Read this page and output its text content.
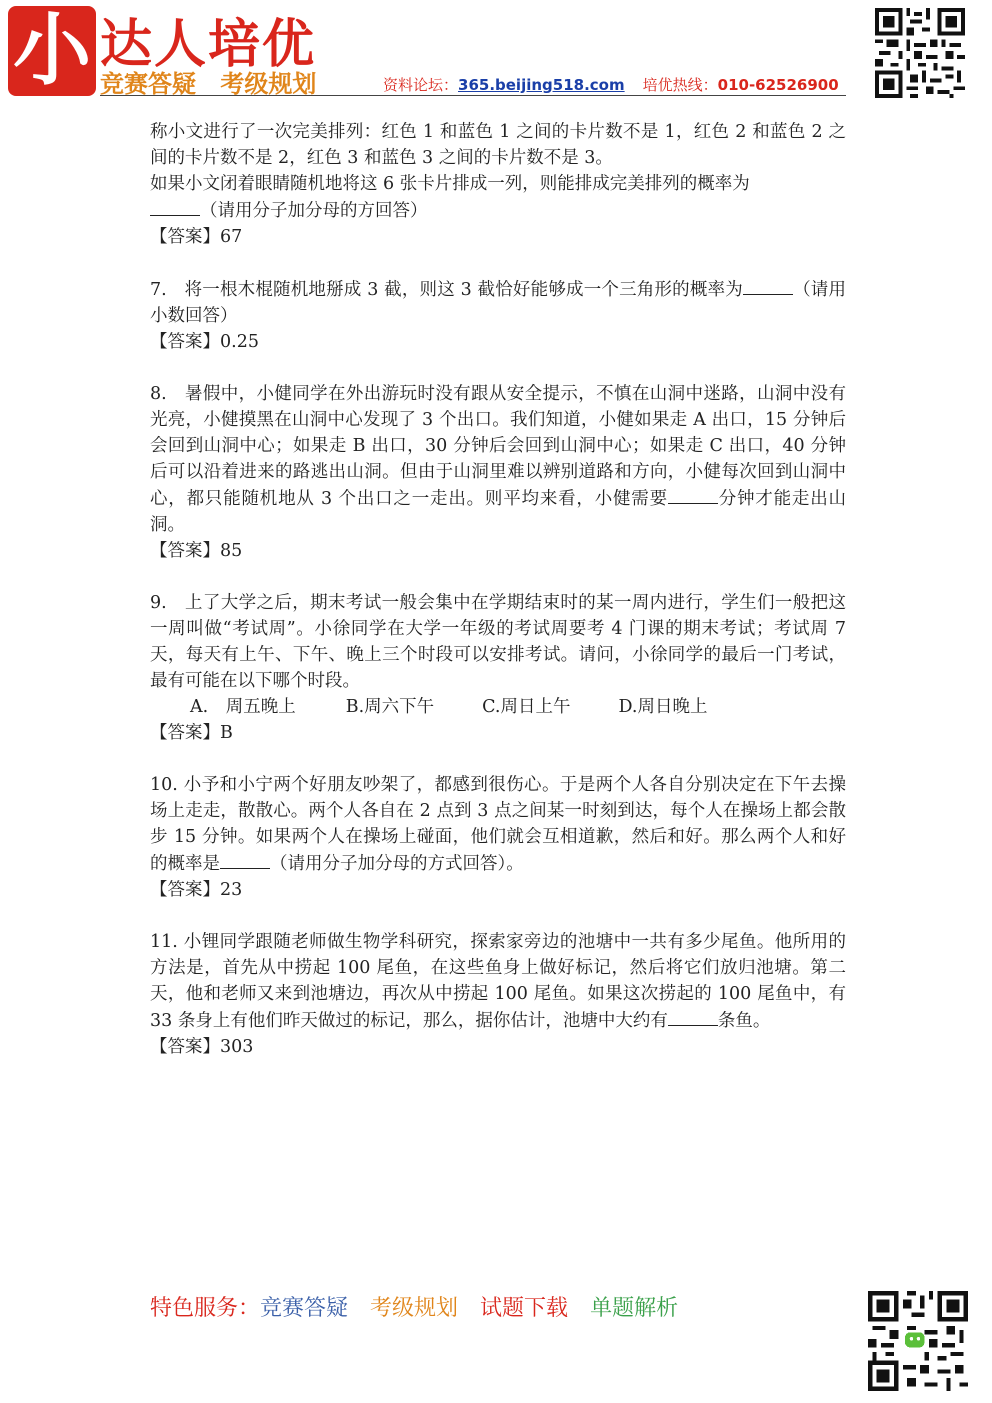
小 达人培优
竞赛答疑 考级规划	资料论坛：365.beijing518.com 培优热线：010-62526900

称小文进行了一次完美排列：红色 1 和蓝色 1 之间的卡片数不是 1，红色 2 和蓝色 2 之间的卡片数不是 2，红色 3 和蓝色 3 之间的卡片数不是 3。

如果小文闭着眼睛随机地将这 6 张卡片排成一列，则能排成完美排列的概率为

（请用分子加分母的方回答）

【答案】67

7.　将一根木棍随机地掰成 3 截，则这 3 截恰好能够成一个三角形的概率为	（请用小数回答）

【答案】0.25

8.　暑假中，小健同学在外出游玩时没有跟从安全提示，不慎在山洞中迷路，山洞中没有光亮，小健摸黑在山洞中心发现了 3 个出口。我们知道，小健如果走 A 出口，15 分钟后会回到山洞中心；如果走 B 出口，30 分钟后会回到山洞中心；如果走 C 出口，40 分钟后可以沿着进来的路逃出山洞。但由于山洞里难以辨别道路和方向，小健每次回到山洞中心，都只能随机地从 3 个出口之一走出。则平均来看，小健需要	分钟才能走出山洞。

【答案】85

9.　上了大学之后，期末考试一般会集中在学期结束时的某一周内进行，学生们一般把这一周叫做“考试周”。小徐同学在大学一年级的考试周要考 4 门课的期末考试；考试周 7 天，每天有上午、下午、晚上三个时段可以安排考试。请问，小徐同学的最后一门考试，最有可能在以下哪个时段。

A.　周五晚上	B.周六下午	C.周日上午	D.周日晚上

【答案】B

10. 小予和小宁两个好朋友吵架了，都感到很伤心。于是两个人各自分别决定在下午去操场上走走，散散心。两个人各自在 2 点到 3 点之间某一时刻到达，每个人在操场上都会散步 15 分钟。如果两个人在操场上碰面，他们就会互相道歉，然后和好。那么两个人和好的概率是	（请用分子加分母的方式回答）。

【答案】23

11. 小锂同学跟随老师做生物学科研究，探索家旁边的池塘中一共有多少尾鱼。他所用的方法是，首先从中捞起 100 尾鱼，在这些鱼身上做好标记，然后将它们放归池塘。第二天，他和老师又来到池塘边，再次从中捞起 100 尾鱼。如果这次捞起的 100 尾鱼中，有 33 条身上有他们昨天做过的标记，那么，据你估计，池塘中大约有	条鱼。

【答案】303

特色服务：竞赛答疑 考级规划 试题下载 单题解析
